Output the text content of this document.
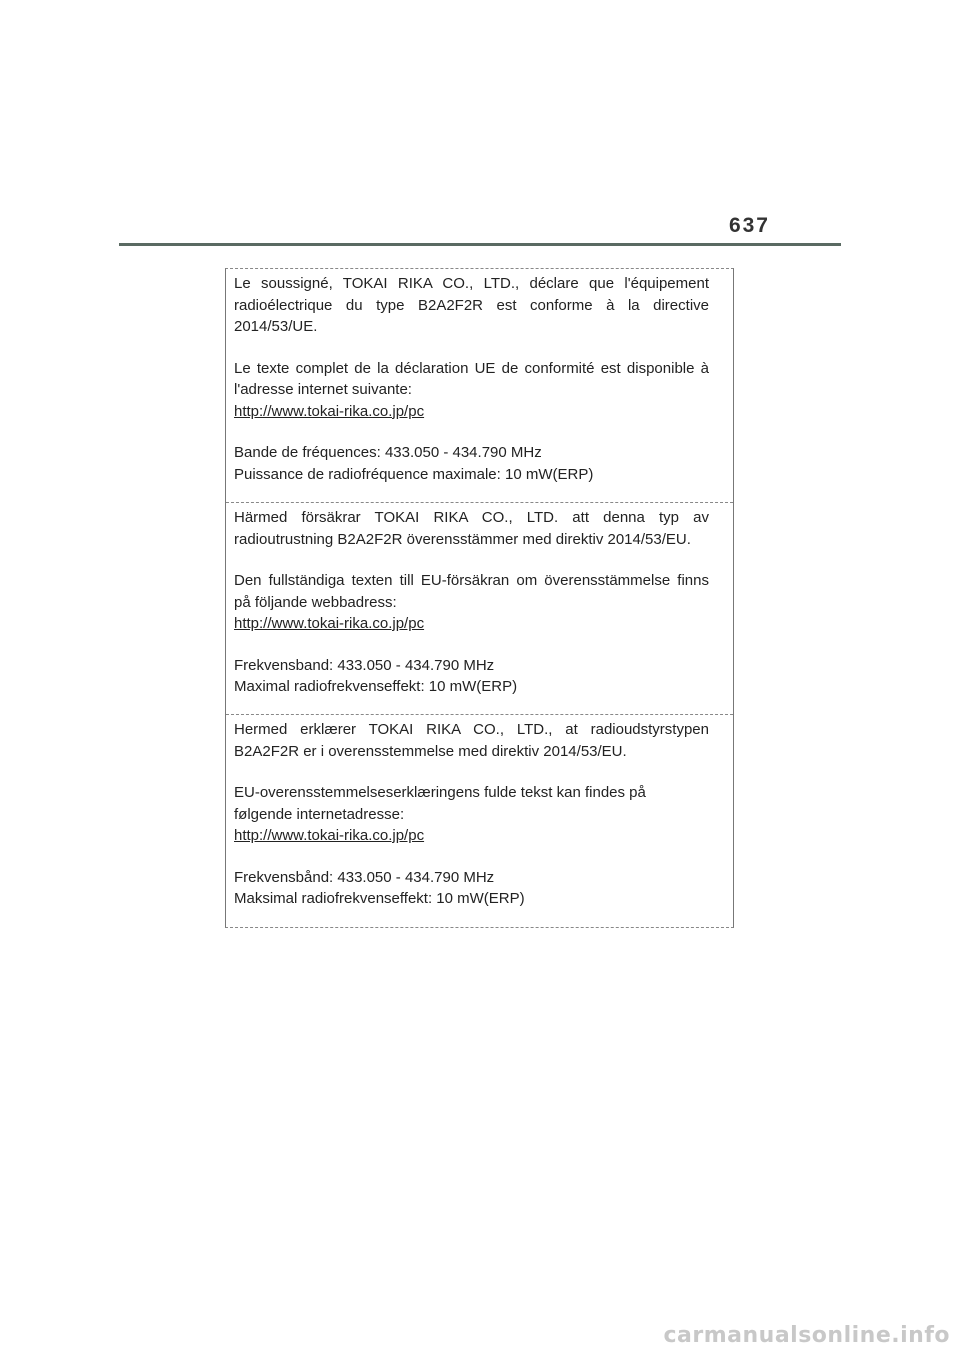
637

Le soussigné, TOKAI RIKA CO., LTD., déclare que l'équipement

radioélectrique du type B2A2F2R est conforme à la directive

2014/53/UE.

Le texte complet de la déclaration UE de conformité est disponible à

l'adresse internet suivante:

http://www.tokai-rika.co.jp/pc

Bande de fréquences: 433.050 - 434.790 MHz

Puissance de radiofréquence maximale: 10 mW(ERP)

Härmed försäkrar TOKAI RIKA CO., LTD. att denna typ av

radioutrustning B2A2F2R överensstämmer med direktiv 2014/53/EU.

Den fullständiga texten till EU-försäkran om överensstämmelse finns

på följande webbadress:

http://www.tokai-rika.co.jp/pc

Frekvensband: 433.050 - 434.790 MHz

Maximal radiofrekvenseffekt: 10 mW(ERP)

Hermed erklærer TOKAI RIKA CO., LTD., at radioudstyrstypen

B2A2F2R er i overensstemmelse med direktiv 2014/53/EU.

EU-overensstemmelseserklæringens fulde tekst kan findes på

følgende internetadresse:

http://www.tokai-rika.co.jp/pc

Frekvensbånd: 433.050 - 434.790 MHz

Maksimal radiofrekvenseffekt: 10 mW(ERP)

carmanualsonline.info
